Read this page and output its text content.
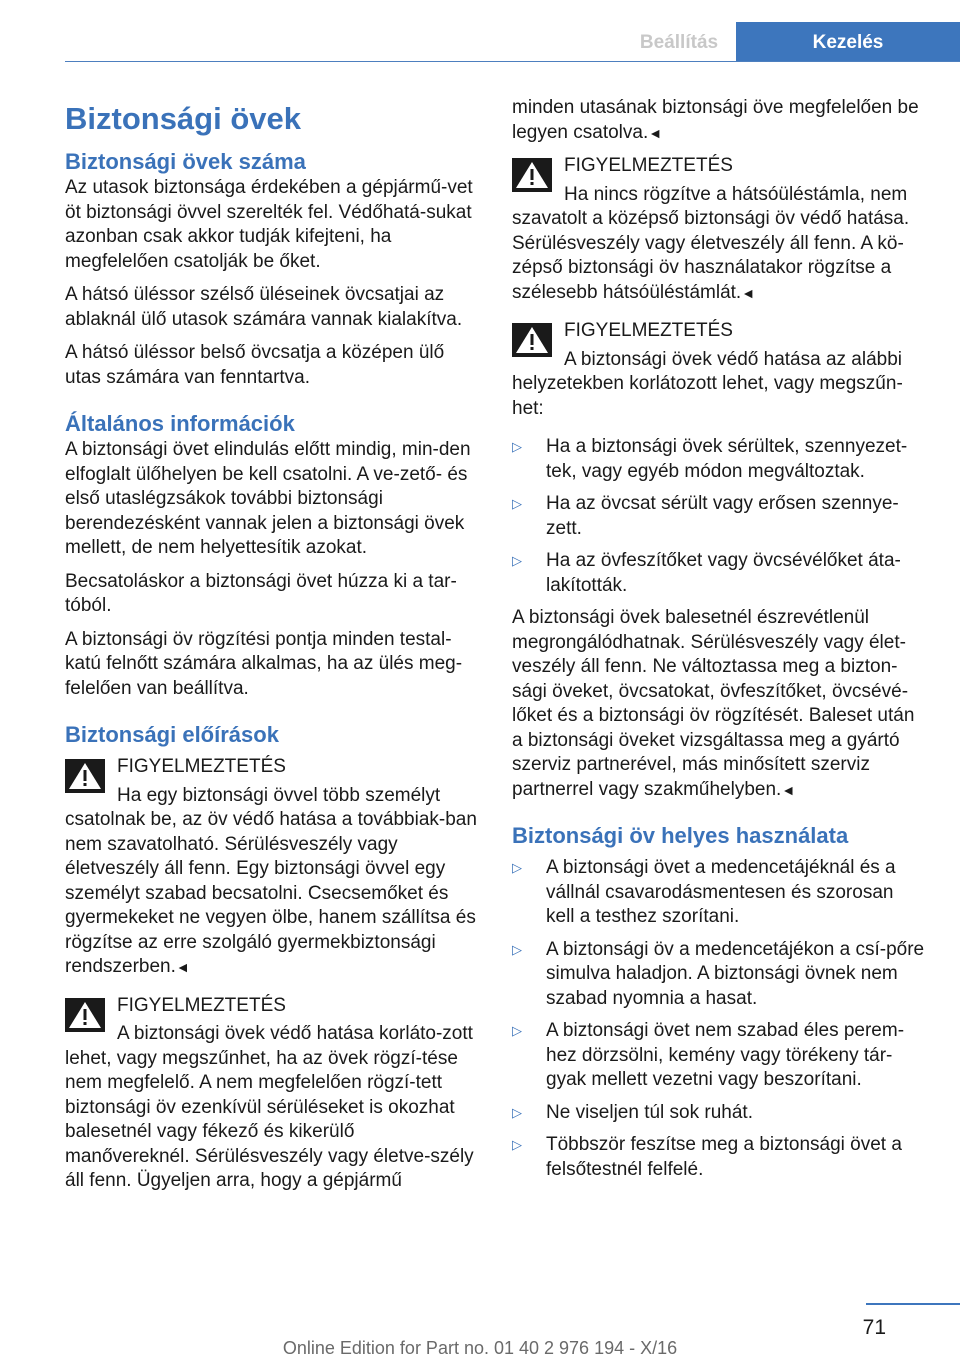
Beállítás	Kezelés
Biztonsági övek
Biztonsági övek száma

Az utasok biztonsága érdekében a gépjármű-vet öt biztonsági övvel szerelték fel. Védőhatá-sukat azonban csak akkor tudják kifejteni, ha megfelelően csatolják be őket.

A hátsó üléssor szélső üléseinek övcsatjai az ablaknál ülő utasok számára vannak kialakítva.

A hátsó üléssor belső övcsatja a középen ülő utas számára van fenntartva.

Általános információk

A biztonsági övet elindulás előtt mindig, min-den elfoglalt ülőhelyen be kell csatolni. A ve-zető- és első utaslégzsákok további biztonsági berendezésként vannak jelen a biztonsági övek mellett, de nem helyettesítik azokat.

Becsatoláskor a biztonsági övet húzza ki a tar-tóból.

A biztonsági öv rögzítési pontja minden testal-katú felnőtt számára alkalmas, ha az ülés meg-felelően van beállítva.

Biztonsági előírások
FIGYELMEZTETÉS

Ha egy biztonsági övvel több személyt csatolnak be, az öv védő hatása a továbbiak-ban nem szavatolható. Sérülésveszély vagy életveszély áll fenn. Egy biztonsági övvel egy személyt szabad becsatolni. Csecsemőket és gyermekeket ne vegyen ölbe, hanem szállítsa és rögzítse az erre szolgáló gyermekbiztonsági rendszerben.◄

FIGYELMEZTETÉS

A biztonsági övek védő hatása korláto-zott lehet, vagy megszűnhet, ha az övek rögzí-tése nem megfelelő. A nem megfelelően rögzí-tett biztonsági öv ezenkívül sérüléseket is okozhat balesetnél vagy fékező és kikerülő manővereknél. Sérülésveszély vagy életve-szély áll fenn. Ügyeljen arra, hogy a gépjármű

minden utasának biztonsági öve megfelelően be legyen csatolva.◄

FIGYELMEZTETÉS

Ha nincs rögzítve a hátsóüléstámla, nem szavatolt a középső biztonsági öv védő hatása. Sérülésveszély vagy életveszély áll fenn. A kö-zépső biztonsági öv használatakor rögzítse a szélesebb hátsóüléstámlát.◄

FIGYELMEZTETÉS

A biztonsági övek védő hatása az alábbi helyzetekben korlátozott lehet, vagy megszűn-het:

▷ Ha a biztonsági övek sérültek, szennyezet-tek, vagy egyéb módon megváltoztak.
▷ Ha az övcsat sérült vagy erősen szennye-zett.
▷ Ha az övfeszítőket vagy övcsévélőket áta-lakították.

A biztonsági övek balesetnél észrevétlenül megrongálódhatnak. Sérülésveszély vagy élet-veszély áll fenn. Ne változtassa meg a bizton-sági öveket, övcsatokat, övfeszítőket, övcsévé-lőket és a biztonsági öv rögzítését. Baleset után a biztonsági öveket vizsgáltassa meg a gyártó szerviz partnerével, más minősített szerviz partnerrel vagy szakműhelyben.◄

Biztonsági öv helyes használata
▷ A biztonsági övet a medencetájéknál és a vállnál csavarodásmentesen és szorosan kell a testhez szorítani.
▷ A biztonsági öv a medencetájékon a csí-pőre simulva haladjon. A biztonsági övnek nem szabad nyomnia a hasat.
▷ A biztonsági övet nem szabad éles perem-hez dörzsölni, kemény vagy törékeny tár-gyak mellett vezetni vagy beszorítani.
▷ Ne viseljen túl sok ruhát.
▷ Többször feszítse meg a biztonsági övet a felsőtestnél felfelé.
71
Online Edition for Part no. 01 40 2 976 194 - X/16
